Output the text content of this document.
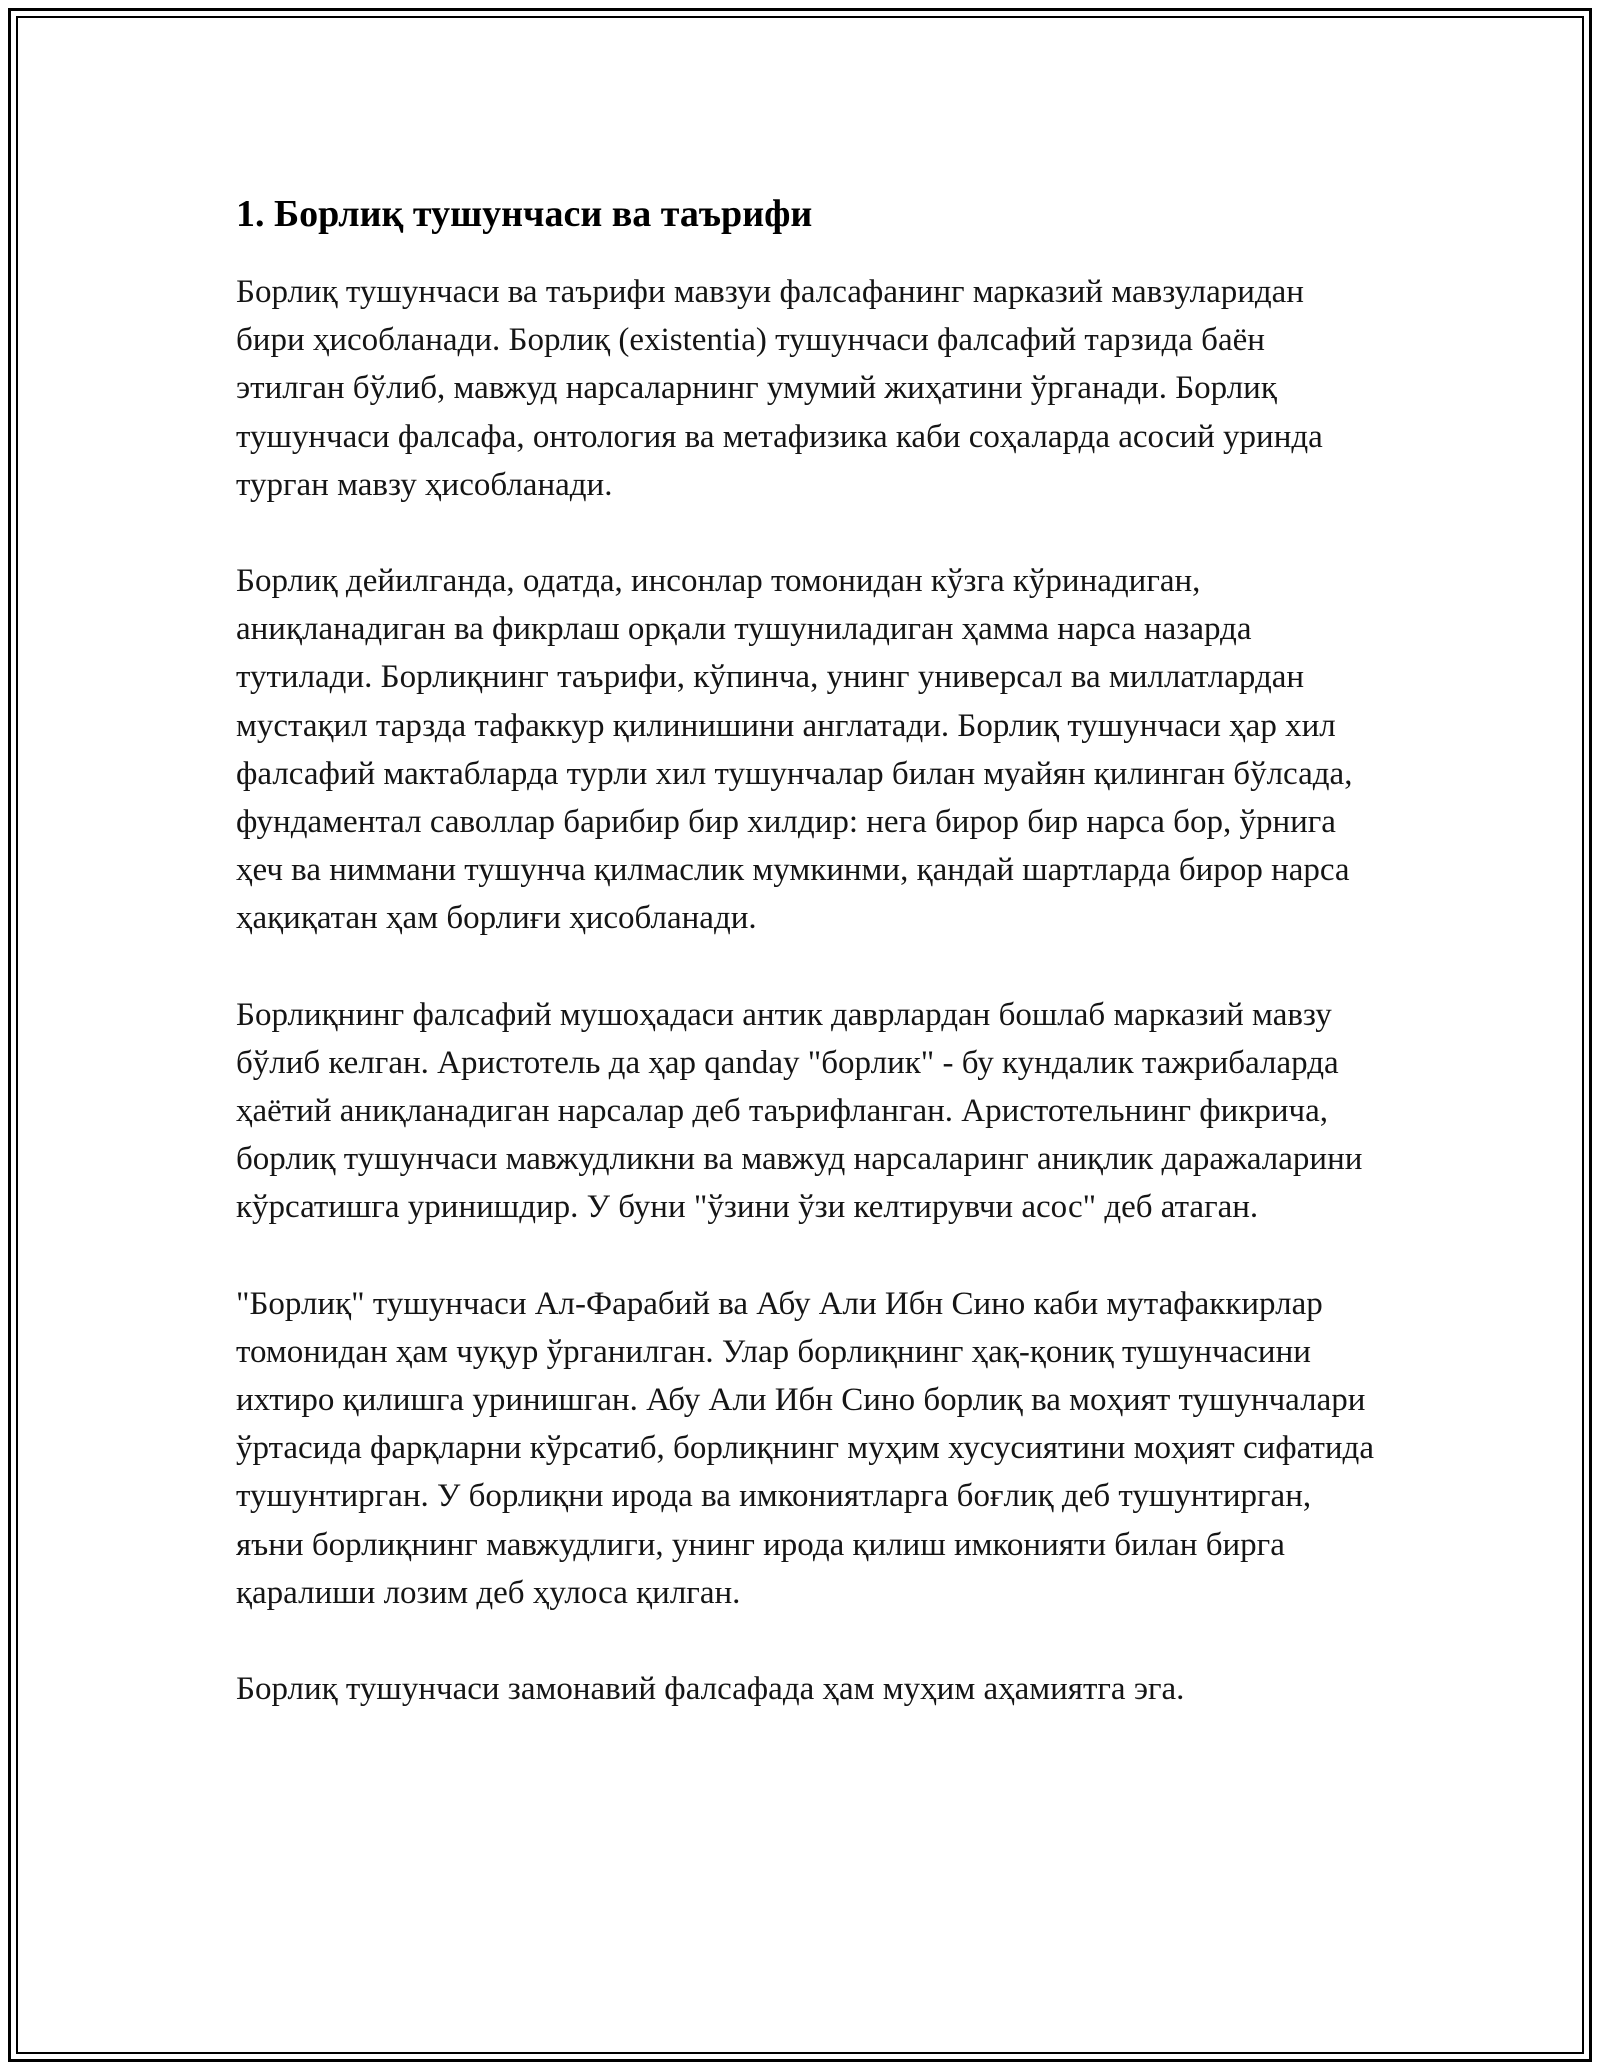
1. Борлиқ тушунчаси ва таърифи

Борлиқ тушунчаси ва таърифи мавзуи фалсафанинг марказий мавзуларидан бири ҳисобланади. Борлиқ (existentia) тушунчаси фалсафий тарзида баён этилган бўлиб, мавжуд нарсаларнинг умумий жиҳатини ўрганади. Борлиқ тушунчаси фалсафа, онтология ва метафизика каби соҳаларда асосий уринда турган мавзу ҳисобланади.

Борлиқ дейилганда, одатда, инсонлар томонидан кўзга кўринадиган, аниқланадиган ва фикрлаш орқали тушуниладиган ҳамма нарса назарда тутилади. Борлиқнинг таърифи, кўпинча, унинг универсал ва миллатлардан мустақил тарзда тафаккур қилинишини англатади. Борлиқ тушунчаси ҳар хил фалсафий мактабларда турли хил тушунчалар билан муайян қилинган бўлсада, фундаментал саволлар барибир бир хилдир: нега бирор бир нарса бор, ўрнига ҳеч ва ниммани тушунча қилмаслик мумкинми, қандай шартларда бирор нарса ҳақиқатан ҳам борлиғи ҳисобланади.

Борлиқнинг фалсафий мушоҳадаси антик даврлардан бошлаб марказий мавзу бўлиб келган. Аристотель да ҳар qanday "борлик" - бу кундалик тажрибаларда ҳаётий аниқланадиган нарсалар деб таърифланган. Аристотельнинг фикрича, борлиқ тушунчаси мавжудликни ва мавжуд нарсаларинг аниқлик даражаларини кўрсатишга уринишдир. У буни "ўзини ўзи келтирувчи асос" деб атаган.

"Борлиқ" тушунчаси Ал-Фарабий ва Абу Али Ибн Сино каби мутафаккирлар томонидан ҳам чуқур ўрганилган. Улар борлиқнинг ҳақ-қониқ тушунчасини ихтиро қилишга уринишган. Абу Али Ибн Сино борлиқ ва моҳият тушунчалари ўртасида фарқларни кўрсатиб, борлиқнинг муҳим хусусиятини моҳият сифатида тушунтирган. У борлиқни ирода ва имкониятларга боғлиқ деб тушунтирган, яъни борлиқнинг мавжудлиги, унинг ирода қилиш имконияти билан бирга қаралиши лозим деб ҳулоса қилган.

Борлиқ тушунчаси замонавий фалсафада ҳам муҳим аҳамиятга эга.
